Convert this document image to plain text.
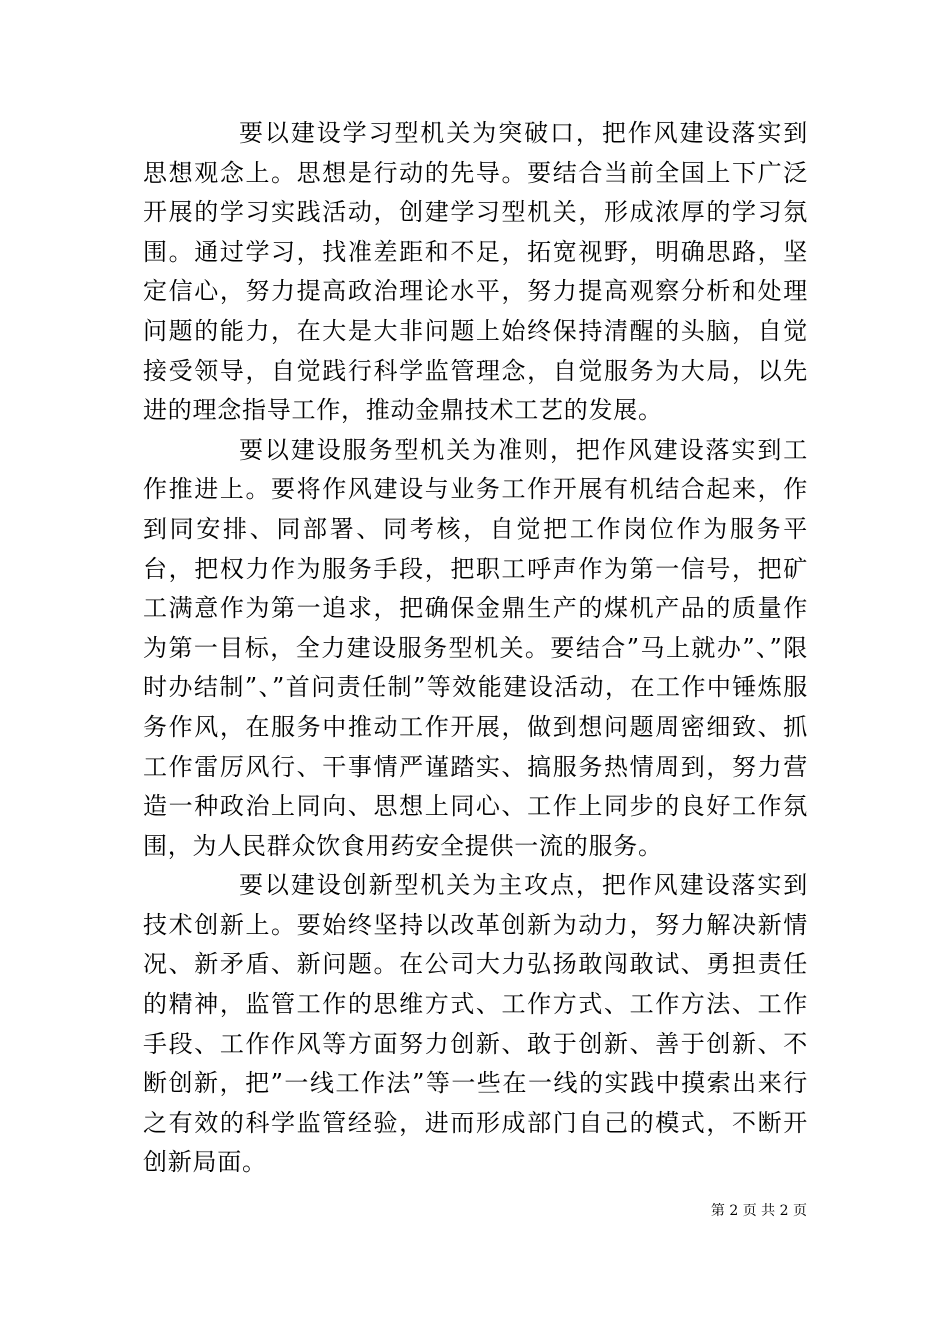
要以建设学习型机关为突破口，把作风建设落实到思想观念上。思想是行动的先导。要结合当前全国上下广泛开展的学习实践活动，创建学习型机关，形成浓厚的学习氛围。通过学习，找准差距和不足，拓宽视野，明确思路，坚定信心，努力提高政治理论水平，努力提高观察分析和处理问题的能力，在大是大非问题上始终保持清醒的头脑，自觉接受领导，自觉践行科学监管理念，自觉服务为大局，以先进的理念指导工作，推动金鼎技术工艺的发展。

要以建设服务型机关为准则，把作风建设落实到工作推进上。要将作风建设与业务工作开展有机结合起来，作到同安排、同部署、同考核，自觉把工作岗位作为服务平台，把权力作为服务手段，把职工呼声作为第一信号，把矿工满意作为第一追求，把确保金鼎生产的煤机产品的质量作为第一目标，全力建设服务型机关。要结合”马上就办”、”限时办结制”、”首问责任制”等效能建设活动，在工作中锤炼服务作风，在服务中推动工作开展，做到想问题周密细致、抓工作雷厉风行、干事情严谨踏实、搞服务热情周到，努力营造一种政治上同向、思想上同心、工作上同步的良好工作氛围，为人民群众饮食用药安全提供一流的服务。

要以建设创新型机关为主攻点，把作风建设落实到技术创新上。要始终坚持以改革创新为动力，努力解决新情况、新矛盾、新问题。在公司大力弘扬敢闯敢试、勇担责任的精神，监管工作的思维方式、工作方式、工作方法、工作手段、工作作风等方面努力创新、敢于创新、善于创新、不断创新，把”一线工作法”等一些在一线的实践中摸索出来行之有效的科学监管经验，进而形成部门自己的模式，不断开创新局面。

第 2 页 共 2 页
